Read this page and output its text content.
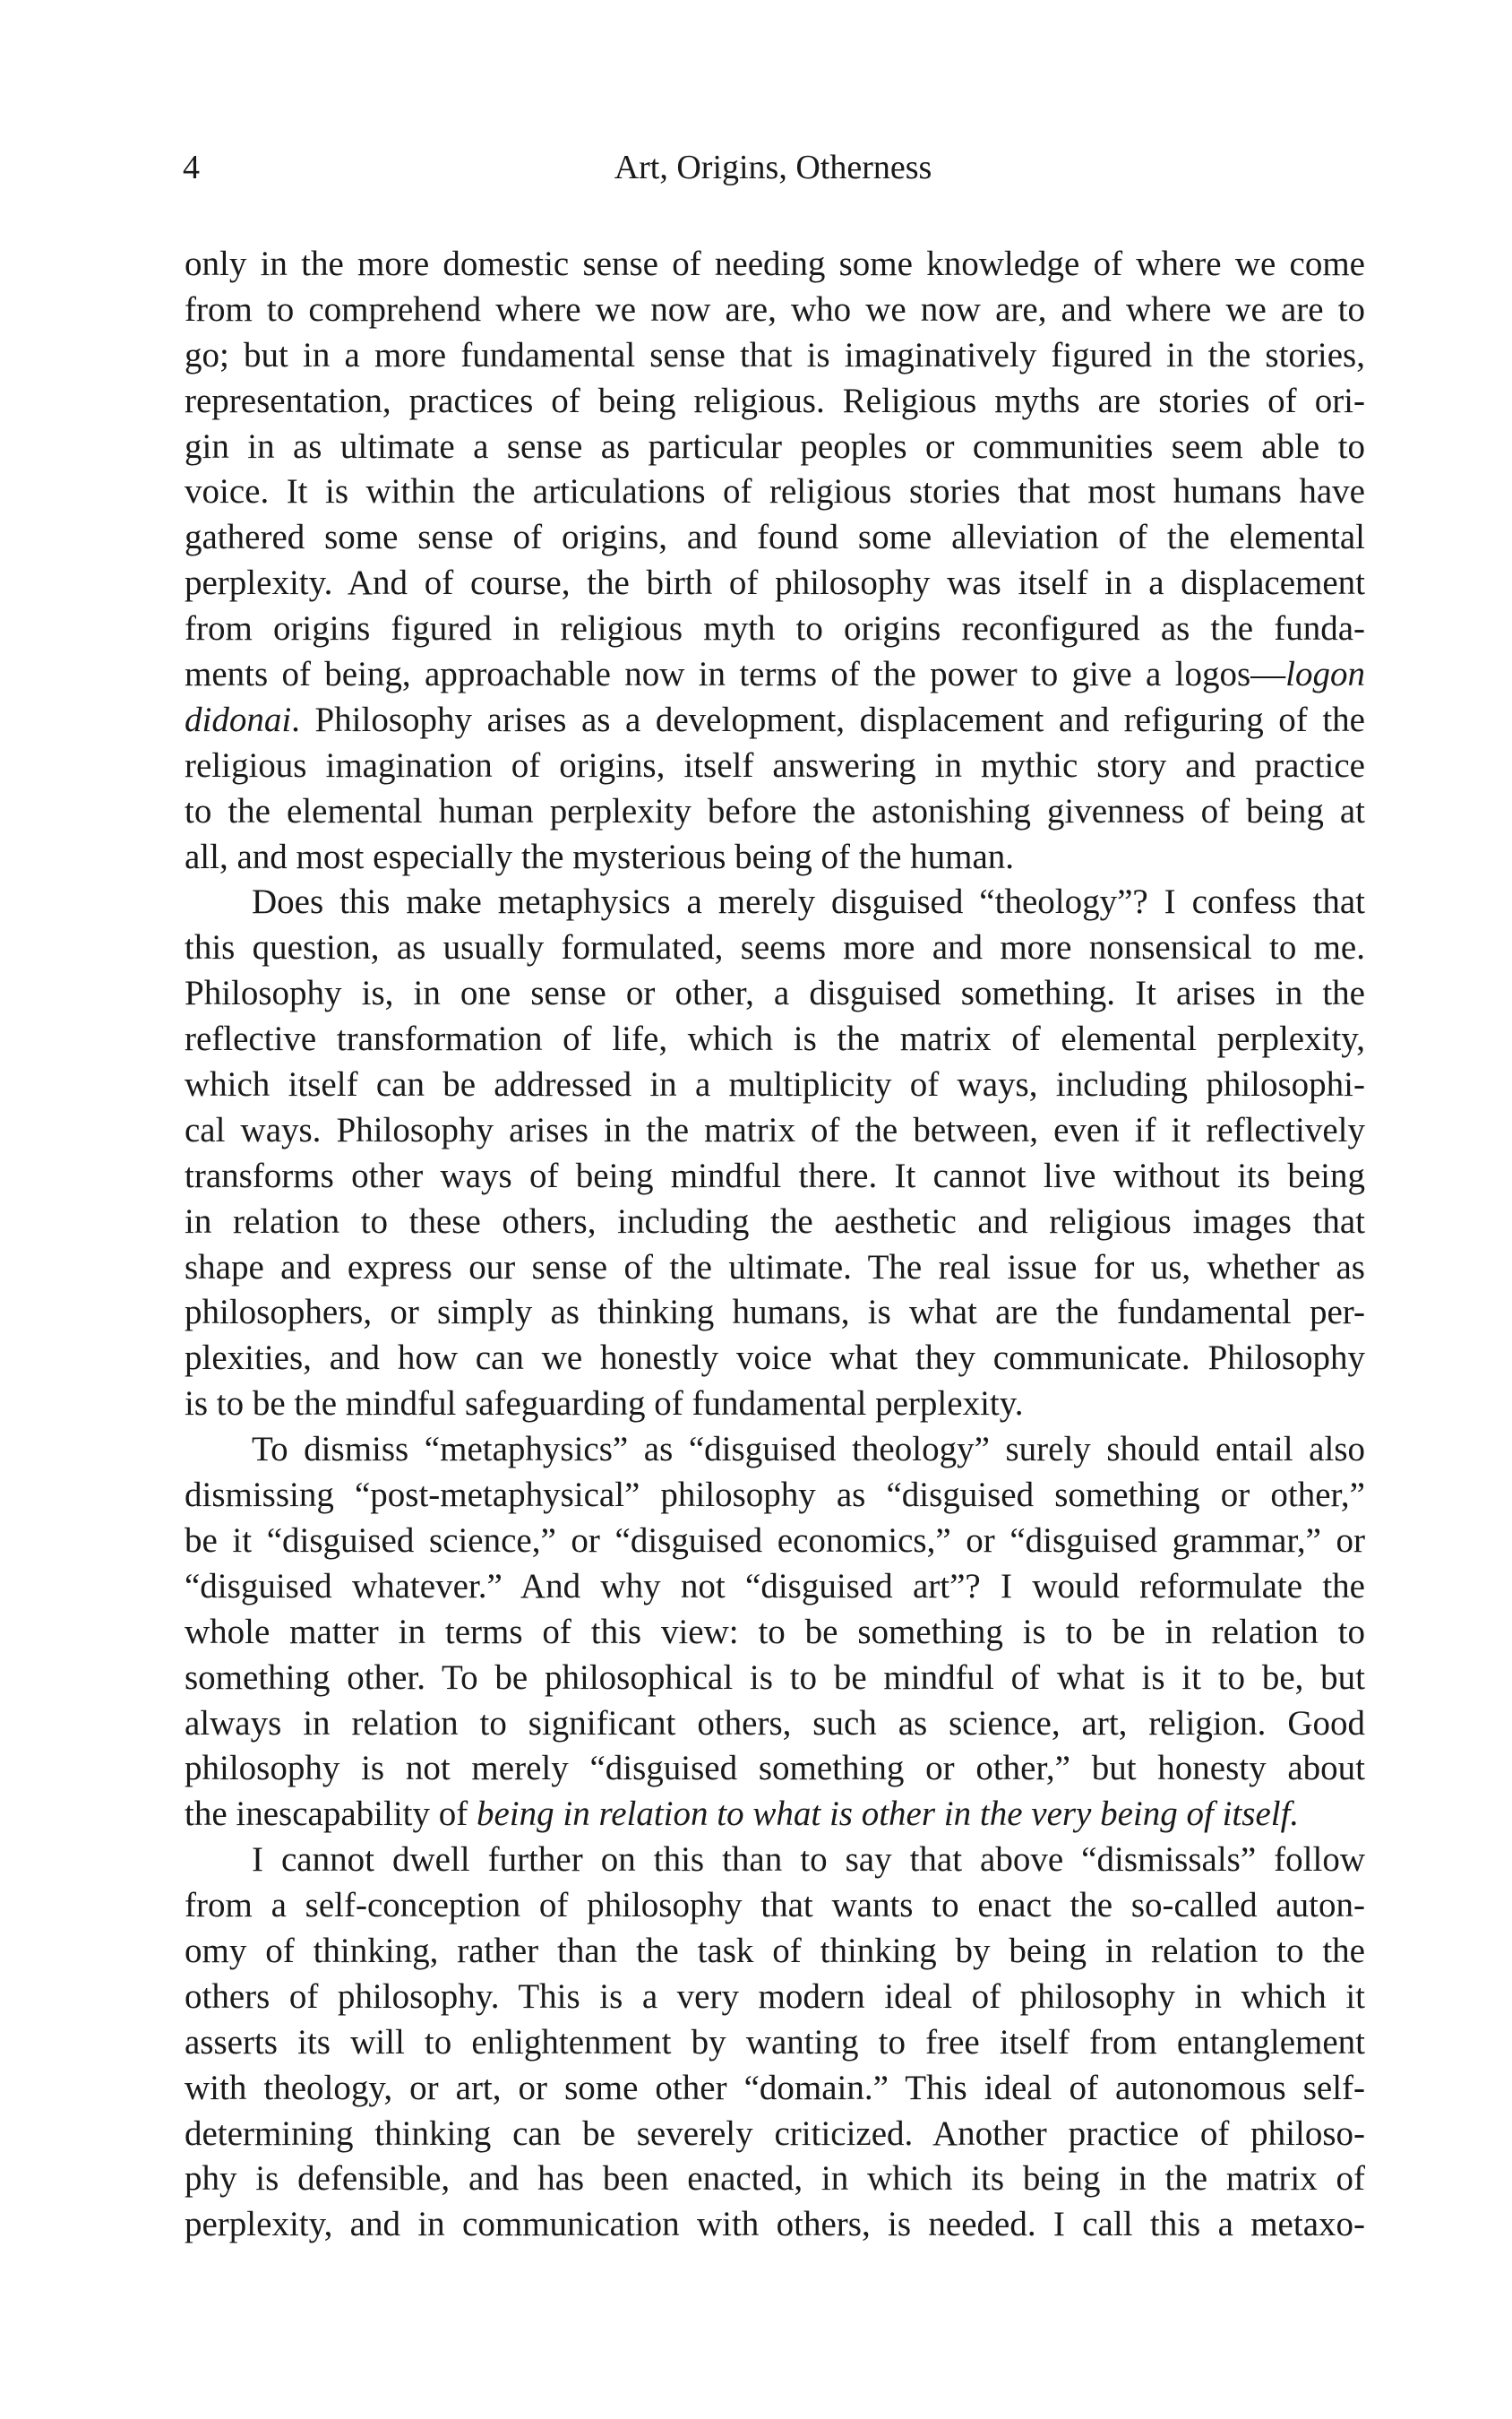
4	Art, Origins, Otherness
only in the more domestic sense of needing some knowledge of where we come
from to comprehend where we now are, who we now are, and where we are to
go; but in a more fundamental sense that is imaginatively figured in the stories,
representation, practices of being religious. Religious myths are stories of ori-
gin in as ultimate a sense as particular peoples or communities seem able to
voice. It is within the articulations of religious stories that most humans have
gathered some sense of origins, and found some alleviation of the elemental
perplexity. And of course, the birth of philosophy was itself in a displacement
from origins figured in religious myth to origins reconfigured as the funda-
ments of being, approachable now in terms of the power to give a logos—logon
didonai. Philosophy arises as a development, displacement and refiguring of the
religious imagination of origins, itself answering in mythic story and practice
to the elemental human perplexity before the astonishing givenness of being at
all, and most especially the mysterious being of the human.
Does this make metaphysics a merely disguised “theology”? I confess that
this question, as usually formulated, seems more and more nonsensical to me.
Philosophy is, in one sense or other, a disguised something. It arises in the
reflective transformation of life, which is the matrix of elemental perplexity,
which itself can be addressed in a multiplicity of ways, including philosophi-
cal ways. Philosophy arises in the matrix of the between, even if it reflectively
transforms other ways of being mindful there. It cannot live without its being
in relation to these others, including the aesthetic and religious images that
shape and express our sense of the ultimate. The real issue for us, whether as
philosophers, or simply as thinking humans, is what are the fundamental per-
plexities, and how can we honestly voice what they communicate. Philosophy
is to be the mindful safeguarding of fundamental perplexity.
To dismiss “metaphysics” as “disguised theology” surely should entail also
dismissing “post-metaphysical” philosophy as “disguised something or other,”
be it “disguised science,” or “disguised economics,” or “disguised grammar,” or
“disguised whatever.” And why not “disguised art”? I would reformulate the
whole matter in terms of this view: to be something is to be in relation to
something other. To be philosophical is to be mindful of what is it to be, but
always in relation to significant others, such as science, art, religion. Good
philosophy is not merely “disguised something or other,” but honesty about
the inescapability of being in relation to what is other in the very being of itself.
I cannot dwell further on this than to say that above “dismissals” follow
from a self-conception of philosophy that wants to enact the so-called auton-
omy of thinking, rather than the task of thinking by being in relation to the
others of philosophy. This is a very modern ideal of philosophy in which it
asserts its will to enlightenment by wanting to free itself from entanglement
with theology, or art, or some other “domain.” This ideal of autonomous self-
determining thinking can be severely criticized. Another practice of philoso-
phy is defensible, and has been enacted, in which its being in the matrix of
perplexity, and in communication with others, is needed. I call this a metaxo-
